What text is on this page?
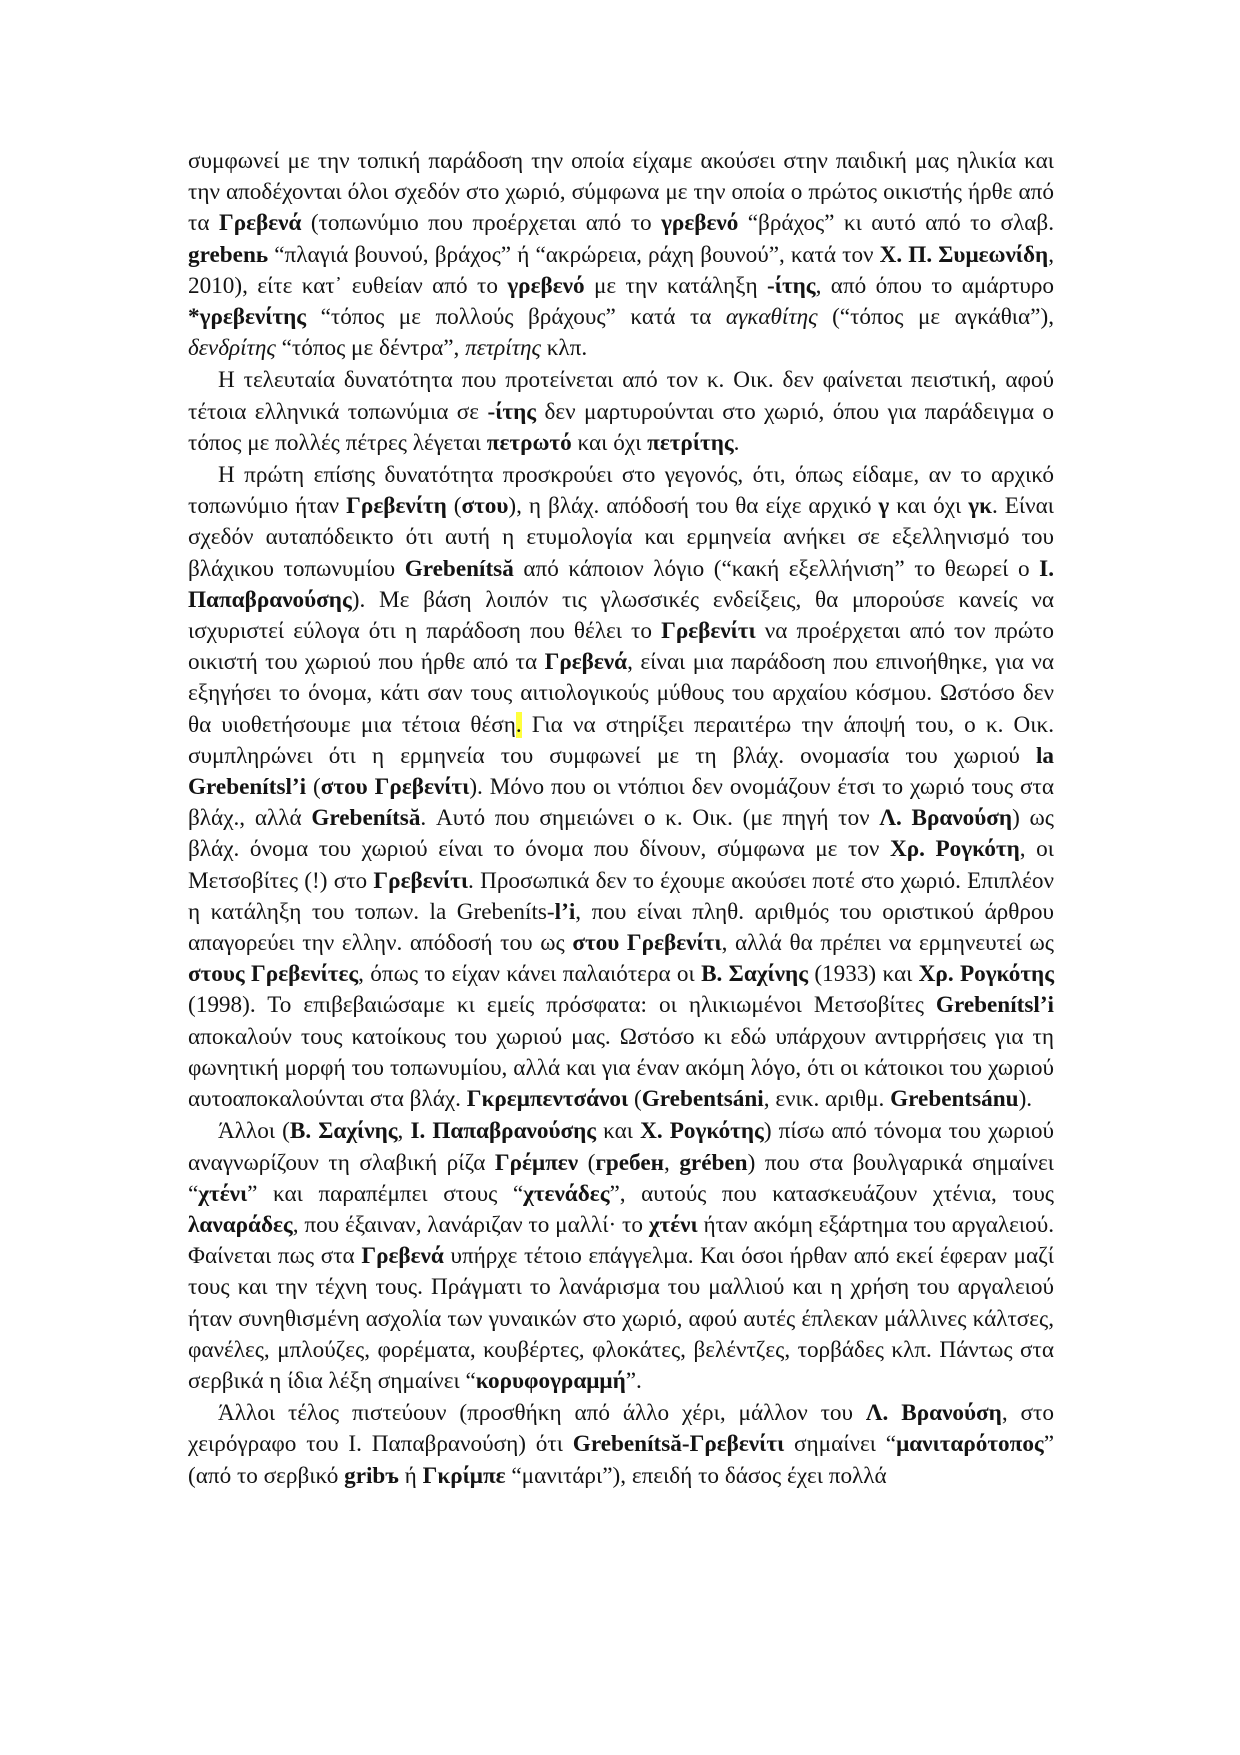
συμφωνεί με την τοπική παράδοση την οποία είχαμε ακούσει στην παιδική μας ηλικία και την αποδέχονται όλοι σχεδόν στο χωριό, σύμφωνα με την οποία ο πρώτος οικιστής ήρθε από τα Γρεβενά (τοπωνύμιο που προέρχεται από το γρεβενό “βράχος” κι αυτό από το σλαβ. grebenь “πλαγιά βουνού, βράχος” ή “ακρώρεια, ράχη βουνού”, κατά τον Χ. Π. Συμεωνίδη, 2010), είτε κατ᾽ ευθείαν από το γρεβενό με την κατάληξη -ίτης, από όπου το αμάρτυρο *γρεβενίτης “τόπος με πολλούς βράχους” κατά τα αγκαθίτης (“τόπος με αγκάθια”), δενδρίτης “τόπος με δέντρα”, πετρίτης κλπ.

Η τελευταία δυνατότητα που προτείνεται από τον κ. Οικ. δεν φαίνεται πειστική, αφού τέτοια ελληνικά τοπωνύμια σε -ίτης δεν μαρτυρούνται στο χωριό, όπου για παράδειγμα ο τόπος με πολλές πέτρες λέγεται πετρωτό και όχι πετρίτης.

Η πρώτη επίσης δυνατότητα προσκρούει στο γεγονός, ότι, όπως είδαμε, αν το αρχικό τοπωνύμιο ήταν Γρεβενίτη (στου), η βλάχ. απόδοσή του θα είχε αρχικό γ και όχι γκ. Είναι σχεδόν αυταπόδεικτο ότι αυτή η ετυμολογία και ερμηνεία ανήκει σε εξελληνισμό του βλάχικου τοπωνυμίου Grebenítsă από κάποιον λόγιο (“κακή εξελλήνιση” το θεωρεί ο Ι. Παπαβρανούσης). Με βάση λοιπόν τις γλωσσικές ενδείξεις, θα μπορούσε κανείς να ισχυριστεί εύλογα ότι η παράδοση που θέλει το Γρεβενίτι να προέρχεται από τον πρώτο οικιστή του χωριού που ήρθε από τα Γρεβενά, είναι μια παράδοση που επινοήθηκε, για να εξηγήσει το όνομα, κάτι σαν τους αιτιολογικούς μύθους του αρχαίου κόσμου. Ωστόσο δεν θα υιοθετήσουμε μια τέτοια θέση. Για να στηρίξει περαιτέρω την άποψή του, ο κ. Οικ. συμπληρώνει ότι η ερμηνεία του συμφωνεί με τη βλάχ. ονομασία του χωριού la Grebenítsl’i (στου Γρεβενίτι). Μόνο που οι ντόπιοι δεν ονομάζουν έτσι το χωριό τους στα βλάχ., αλλά Grebenítsă. Αυτό που σημειώνει ο κ. Οικ. (με πηγή τον Λ. Βρανούση) ως βλάχ. όνομα του χωριού είναι το όνομα που δίνουν, σύμφωνα με τον Χρ. Ρογκότη, οι Μετσοβίτες (!) στο Γρεβενίτι. Προσωπικά δεν το έχουμε ακούσει ποτέ στο χωριό. Επιπλέον η κατάληξη του τοπων. la Grebeníts-l’i, που είναι πληθ. αριθμός του οριστικού άρθρου απαγορεύει την ελλην. απόδοσή του ως στου Γρεβενίτι, αλλά θα πρέπει να ερμηνευτεί ως στους Γρεβενίτες, όπως το είχαν κάνει παλαιότερα οι Β. Σαχίνης (1933) και Χρ. Ρογκότης (1998). Το επιβεβαιώσαμε κι εμείς πρόσφατα: οι ηλικιωμένοι Μετσοβίτες Grebenítsl’i αποκαλούν τους κατοίκους του χωριού μας. Ωστόσο κι εδώ υπάρχουν αντιρρήσεις για τη φωνητική μορφή του τοπωνυμίου, αλλά και για έναν ακόμη λόγο, ότι οι κάτοικοι του χωριού αυτοαποκαλούνται στα βλάχ. Γκρεμπεντσάνοι (Grebentsáni, ενικ. αριθμ. Grebentsánu).

Άλλοι (Β. Σαχίνης, Ι. Παπαβρανούσης και Χ. Ρογκότης) πίσω από τόνομα του χωριού αναγνωρίζουν τη σλαβική ρίζα Γρέμπεν (гребен, grében) που στα βουλγαρικά σημαίνει “χτένι” και παραπέμπει στους “χτενάδες”, αυτούς που κατασκευάζουν χτένια, τους λαναράδες, που έξαιναν, λανάριζαν το μαλλί· το χτένι ήταν ακόμη εξάρτημα του αργαλειού. Φαίνεται πως στα Γρεβενά υπήρχε τέτοιο επάγγελμα. Και όσοι ήρθαν από εκεί έφεραν μαζί τους και την τέχνη τους. Πράγματι το λανάρισμα του μαλλιού και η χρήση του αργαλειού ήταν συνηθισμένη ασχολία των γυναικών στο χωριό, αφού αυτές έπλεκαν μάλλινες κάλτσες, φανέλες, μπλούζες, φορέματα, κουβέρτες, φλοκάτες, βελέντζες, τορβάδες κλπ. Πάντως στα σερβικά η ίδια λέξη σημαίνει “κορυφογραμμή”.

Άλλοι τέλος πιστεύουν (προσθήκη από άλλο χέρι, μάλλον του Λ. Βρανούση, στο χειρόγραφο του Ι. Παπαβρανούση) ότι Grebenítsă-Γρεβενίτι σημαίνει “μανιταρότοπος” (από το σερβικό gribъ ή Γκρίμπε “μανιτάρι”), επειδή το δάσος έχει πολλά
